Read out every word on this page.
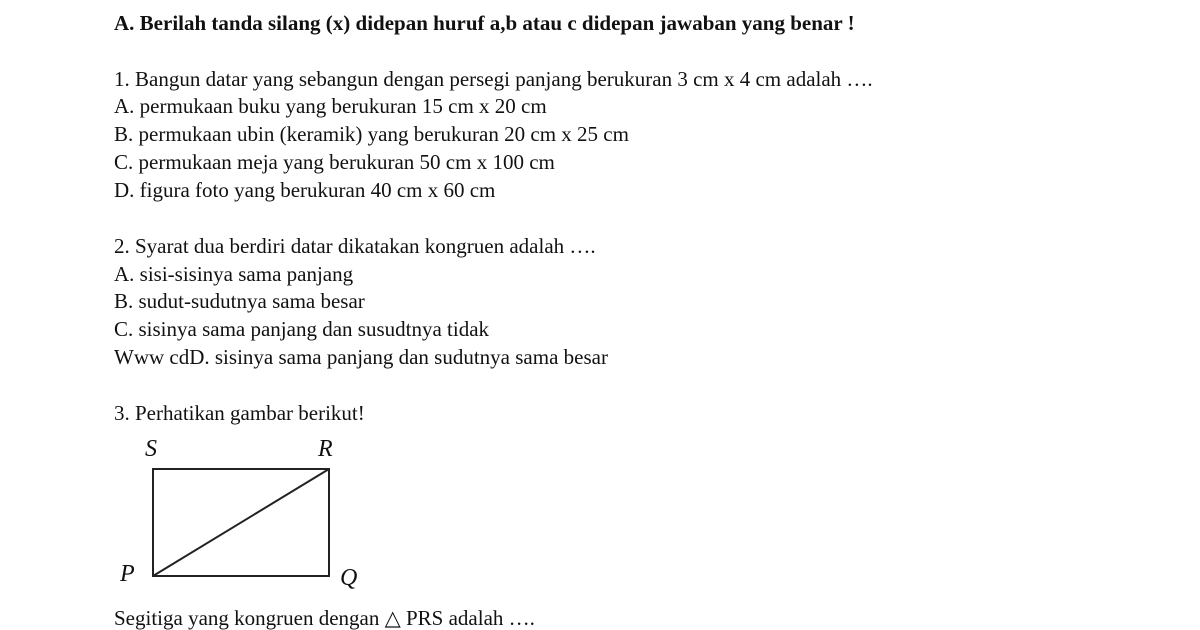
A. Berilah tanda silang (x) didepan huruf a,b atau c didepan jawaban yang benar !
1. Bangun datar yang sebangun dengan persegi panjang berukuran 3 cm x 4 cm adalah ….
A. permukaan buku yang berukuran 15 cm x 20 cm
B. permukaan ubin (keramik) yang berukuran 20 cm x 25 cm
C. permukaan meja yang berukuran 50 cm x 100 cm
D. figura foto yang berukuran 40 cm x 60 cm
2. Syarat dua berdiri datar dikatakan kongruen adalah ….
A. sisi-sisinya sama panjang
B. sudut-sudutnya sama besar
C. sisinya sama panjang dan susudtnya tidak
Www cdD. sisinya sama panjang dan sudutnya sama besar
3. Perhatikan gambar berikut!
S	R
P	Q
Segitiga yang kongruen dengan △ PRS adalah ….
